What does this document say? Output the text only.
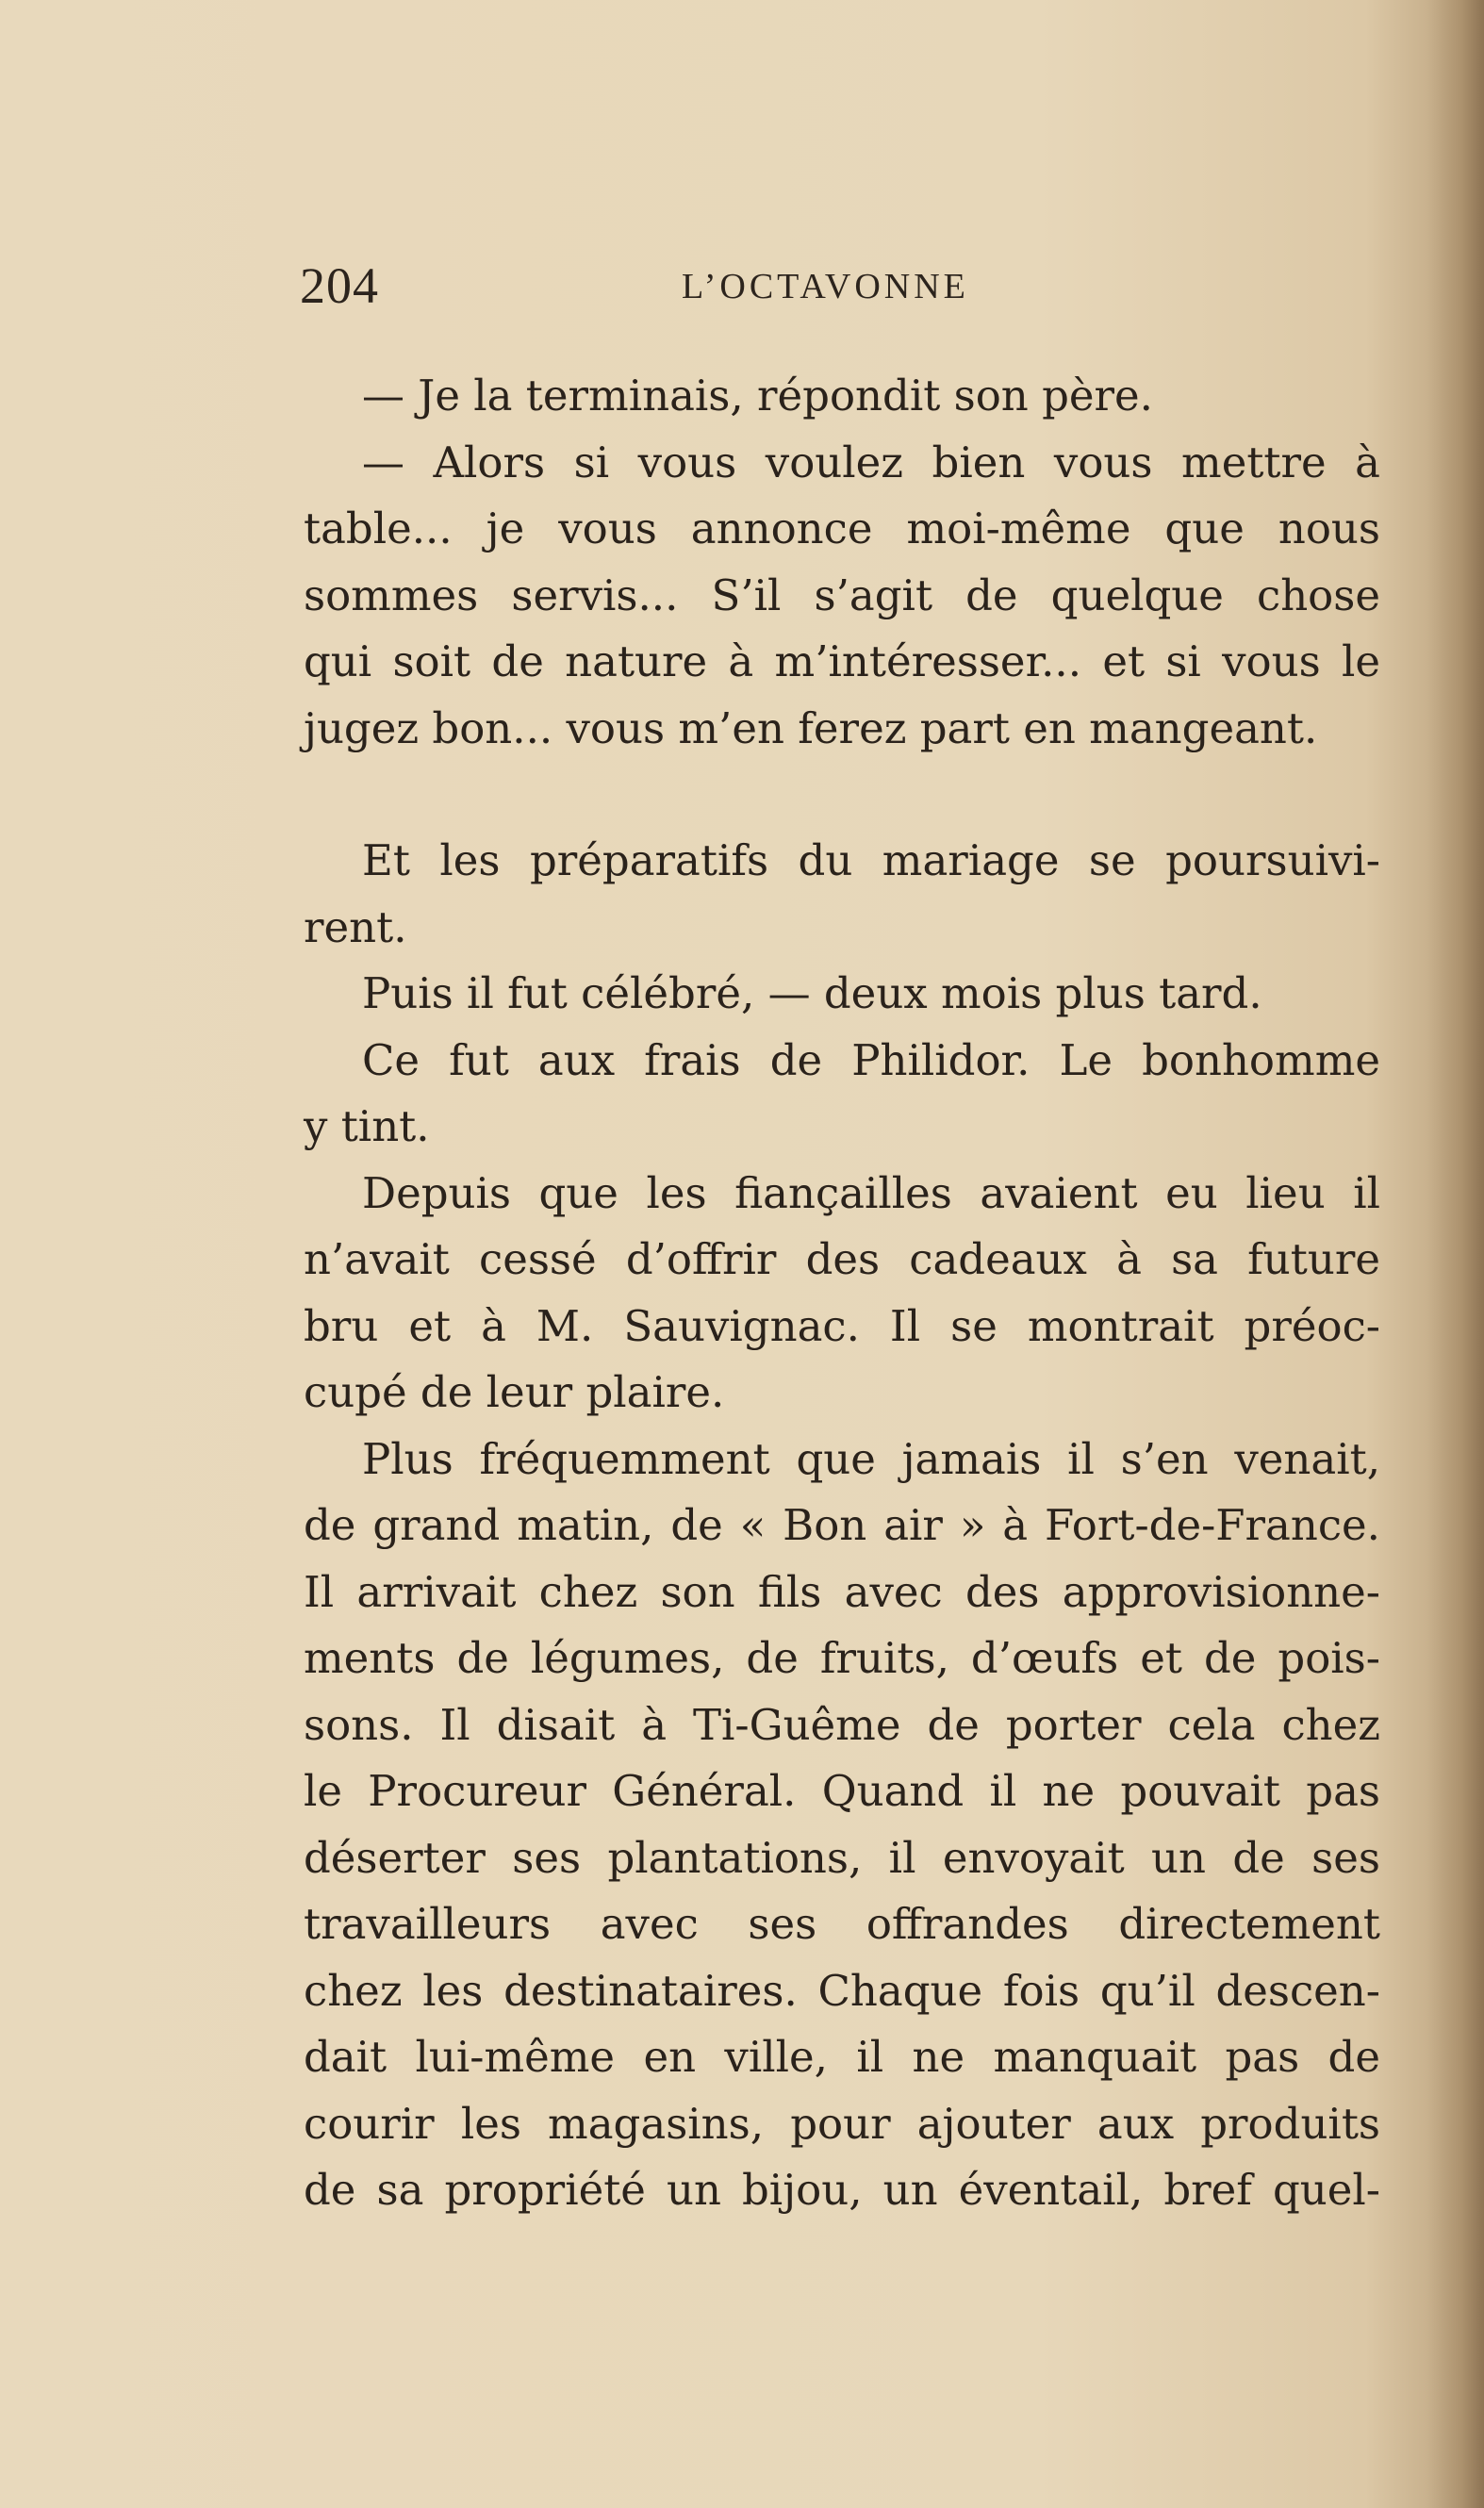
204	L’OCTAVONNE
— Je la terminais, répondit son père.
— Alors si vous voulez bien vous mettre à
table... je vous annonce moi-même que nous
sommes servis... S’il s’agit de quelque chose
qui soit de nature à m’intéresser... et si vous le
jugez bon... vous m’en ferez part en mangeant.
Et les préparatifs du mariage se poursuivi-
rent.
Puis il fut célébré, — deux mois plus tard.
Ce fut aux frais de Philidor. Le bonhomme
y tint.
Depuis que les fiançailles avaient eu lieu il
n’avait cessé d’offrir des cadeaux à sa future
bru et à M. Sauvignac. Il se montrait préoc-
cupé de leur plaire.
Plus fréquemment que jamais il s’en venait,
de grand matin, de « Bon air » à Fort-de-France.
Il arrivait chez son fils avec des approvisionne-
ments de légumes, de fruits, d’œufs et de pois-
sons. Il disait à Ti-Guême de porter cela chez
le Procureur Général. Quand il ne pouvait pas
déserter ses plantations, il envoyait un de ses
travailleurs avec ses offrandes directement
chez les destinataires. Chaque fois qu’il descen-
dait lui-même en ville, il ne manquait pas de
courir les magasins, pour ajouter aux produits
de sa propriété un bijou, un éventail, bref quel-
